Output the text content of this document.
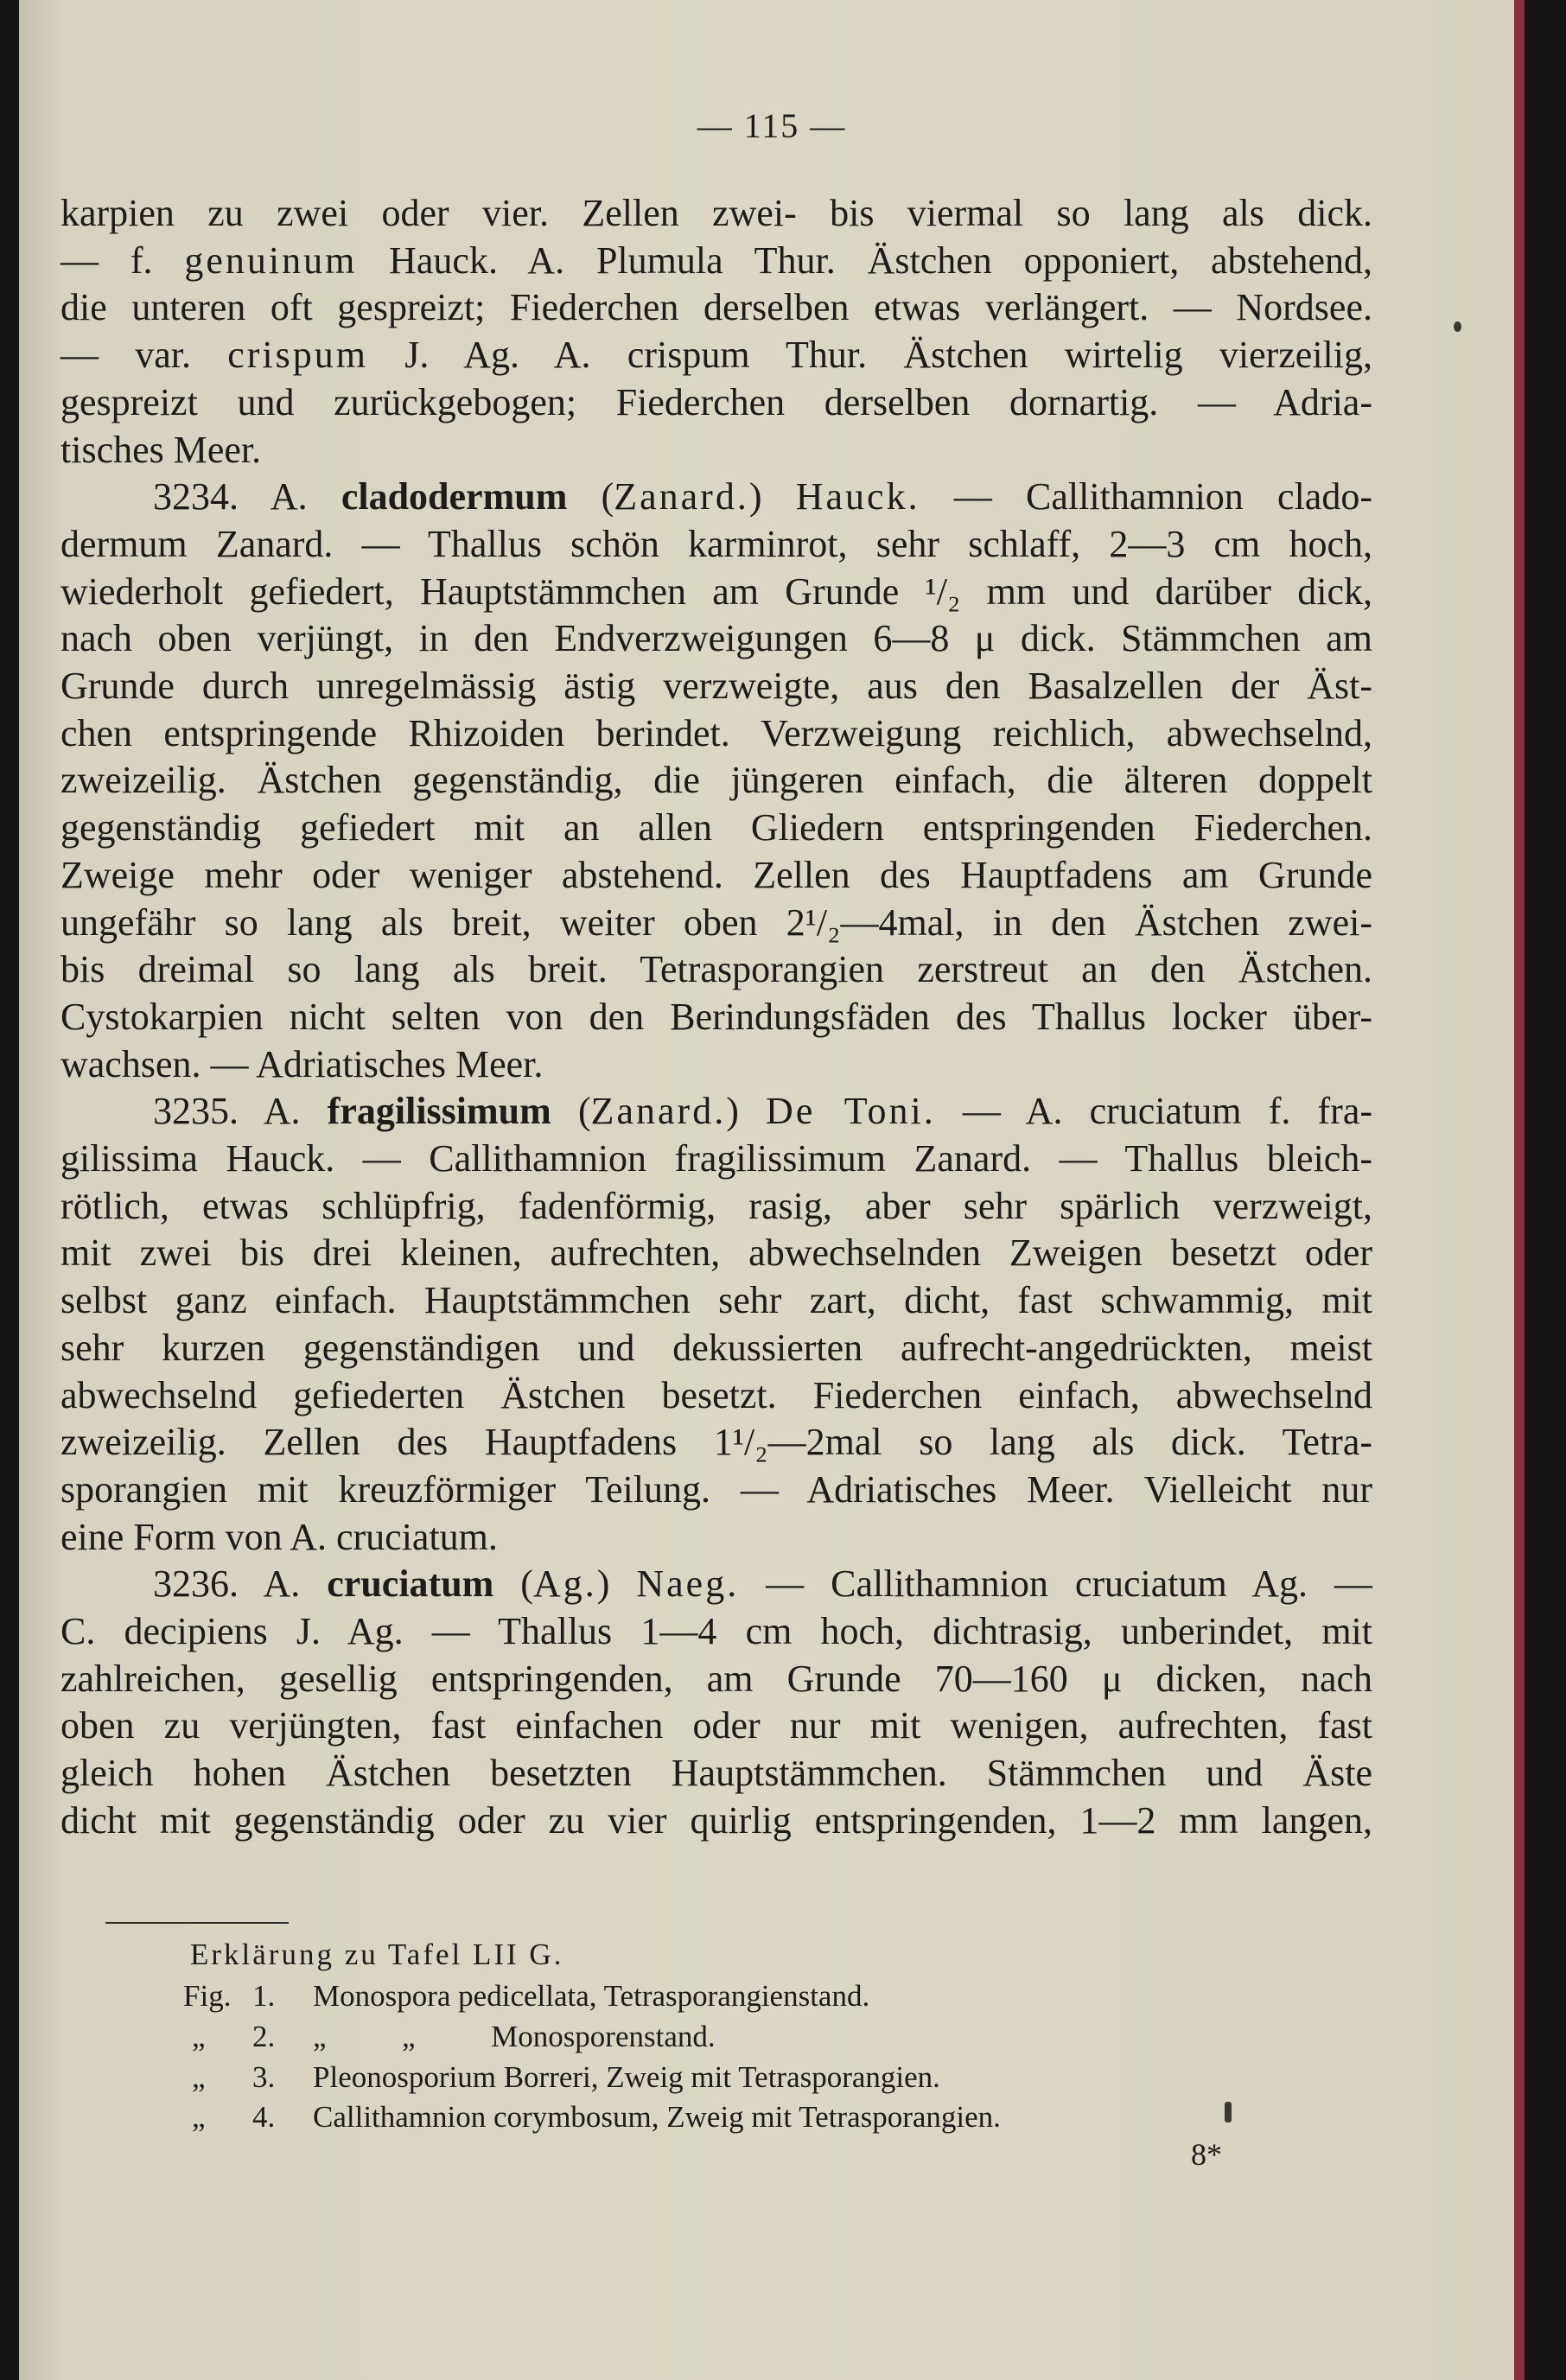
— 115 —
karpien zu zwei oder vier. Zellen zwei- bis viermal so lang als dick.
— f. genuinum Hauck. A. Plumula Thur. Ästchen opponiert, abstehend,
die unteren oft gespreizt; Fiederchen derselben etwas verlängert. — Nordsee.
— var. crispum J. Ag. A. crispum Thur. Ästchen wirtelig vierzeilig,
gespreizt und zurückgebogen; Fiederchen derselben dornartig. — Adria-
tisches Meer.
3234. A. cladodermum (Zanard.) Hauck. — Callithamnion clado-
dermum Zanard. — Thallus schön karminrot, sehr schlaff, 2—3 cm hoch,
wiederholt gefiedert, Hauptstämmchen am Grunde ¹/₂ mm und darüber dick,
nach oben verjüngt, in den Endverzweigungen 6—8 μ dick. Stämmchen am
Grunde durch unregelmässig ästig verzweigte, aus den Basalzellen der Äst-
chen entspringende Rhizoiden berindet. Verzweigung reichlich, abwechselnd,
zweizeilig. Ästchen gegenständig, die jüngeren einfach, die älteren doppelt
gegenständig gefiedert mit an allen Gliedern entspringenden Fiederchen.
Zweige mehr oder weniger abstehend. Zellen des Hauptfadens am Grunde
ungefähr so lang als breit, weiter oben 2¹/₂—4mal, in den Ästchen zwei-
bis dreimal so lang als breit. Tetrasporangien zerstreut an den Ästchen.
Cystokarpien nicht selten von den Berindungsfäden des Thallus locker über-
wachsen. — Adriatisches Meer.
3235. A. fragilissimum (Zanard.) De Toni. — A. cruciatum f. fra-
gilissima Hauck. — Callithamnion fragilissimum Zanard. — Thallus bleich-
rötlich, etwas schlüpfrig, fadenförmig, rasig, aber sehr spärlich verzweigt,
mit zwei bis drei kleinen, aufrechten, abwechselnden Zweigen besetzt oder
selbst ganz einfach. Hauptstämmchen sehr zart, dicht, fast schwammig, mit
sehr kurzen gegenständigen und dekussierten aufrecht-angedrückten, meist
abwechselnd gefiederten Ästchen besetzt. Fiederchen einfach, abwechselnd
zweizeilig. Zellen des Hauptfadens 1¹/₂—2mal so lang als dick. Tetra-
sporangien mit kreuzförmiger Teilung. — Adriatisches Meer. Vielleicht nur
eine Form von A. cruciatum.
3236. A. cruciatum (Ag.) Naeg. — Callithamnion cruciatum Ag. —
C. decipiens J. Ag. — Thallus 1—4 cm hoch, dichtrasig, unberindet, mit
zahlreichen, gesellig entspringenden, am Grunde 70—160 μ dicken, nach
oben zu verjüngten, fast einfachen oder nur mit wenigen, aufrechten, fast
gleich hohen Ästchen besetzten Hauptstämmchen. Stämmchen und Äste
dicht mit gegenständig oder zu vier quirlig entspringenden, 1—2 mm langen,
Erklärung zu Tafel LII G.
Fig. 1. Monospora pedicellata, Tetrasporangienstand.
„ 2. „          „          Monosporenstand.
„ 3. Pleonosporium Borreri, Zweig mit Tetrasporangien.
„ 4. Callithamnion corymbosum, Zweig mit Tetrasporangien.
8*
